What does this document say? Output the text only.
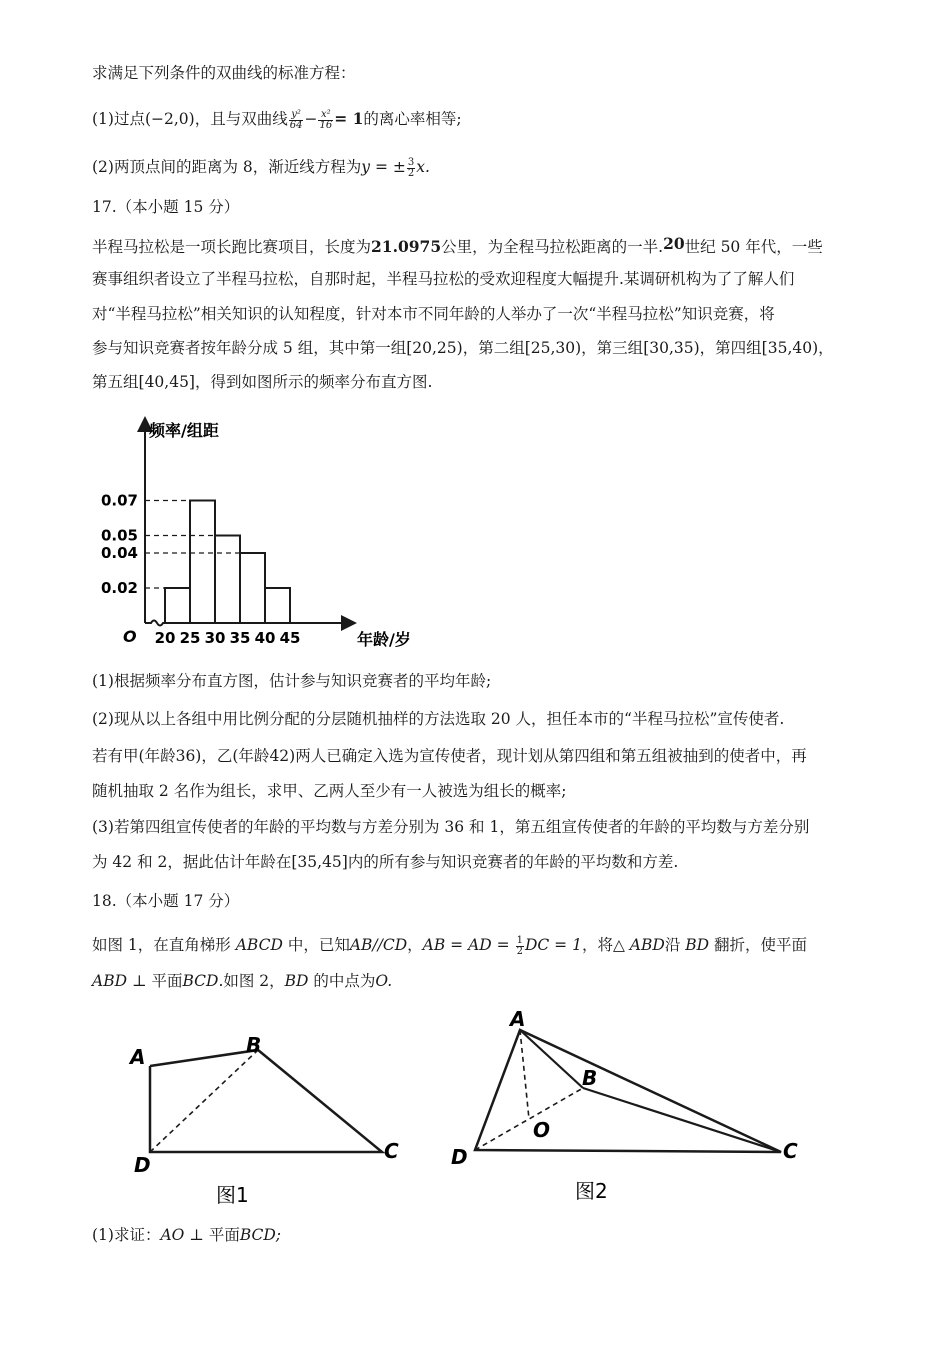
求满足下列条件的双曲线的标准方程：
(1)过点(−2,0)，且与双曲线 $\frac{\text{y²}}{64} - \frac{\text{x²}}{16} = 1$的离心率相等;
(2)两顶点间的距离为 8，渐近线方程为y = ± $\frac{3}{2} x$.
17.（本小题 15 分）
半程马拉松是一项长跑比赛项目，长度为21.0975公里，为全程马拉松距离的一半.20世纪 50 年代，一些
赛事组织者设立了半程马拉松，自那时起，半程马拉松的受欢迎程度大幅提升.某调研机构为了了解人们
对“半程马拉松”相关知识的认知程度，针对本市不同年龄的人举办了一次“半程马拉松”知识竞赛，将
参与知识竞赛者按年龄分成 5 组，其中第一组[20,25)，第二组[25,30)，第三组[30,35)，第四组[35,40)，
第五组[40,45]，得到如图所示的频率分布直方图.
0.02
0.04
0.05
0.07
20 25 30 35 40 45
O
频率/组距
年龄/岁
(1)根据频率分布直方图，估计参与知识竞赛者的平均年龄;
(2)现从以上各组中用比例分配的分层随机抽样的方法选取 20 人，担任本市的“半程马拉松”宣传使者.
若有甲(年龄36)，乙(年龄42)两人已确定入选为宣传使者，现计划从第四组和第五组被抽到的使者中，再
随机抽取 2 名作为组长，求甲、乙两人至少有一人被选为组长的概率;
(3)若第四组宣传使者的年龄的平均数与方差分别为 36 和 1，第五组宣传使者的年龄的平均数与方差分别
为 42 和 2，据此估计年龄在[35,45]内的所有参与知识竞赛者的年龄的平均数和方差.
18.（本小题 17 分）
如图 1，在直角梯形 ABCD 中，已知AB//CD，AB = AD = $\frac{1}{2}$ DC = 1，将△ ABD沿 BD 翻折，使平面
ABD ⊥ 平面BCD.如图 2，BD 的中点为O.
A	B
C
D
图1
A
B
C
D
O
图2
(1)求证：AO ⊥ 平面BCD;
